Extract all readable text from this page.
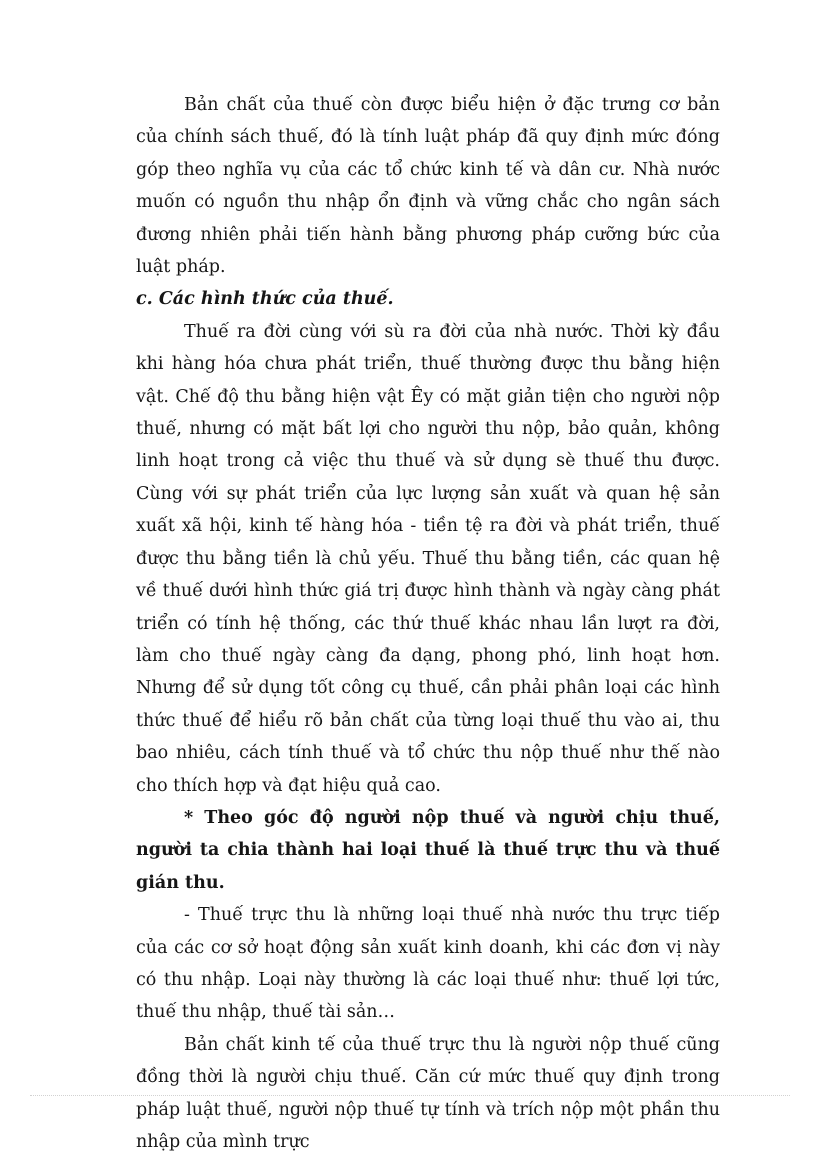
Bản chất của thuế còn được biểu hiện ở đặc trưng cơ bản của chính sách thuế, đó là tính luật pháp đã quy định mức đóng góp theo nghĩa vụ của các tổ chức kinh tế và dân cư. Nhà nước muốn có nguồn thu nhập ổn định và vững chắc cho ngân sách đương nhiên phải tiến hành bằng phương pháp cưỡng bức của luật pháp.

c. Các hình thức của thuế.

Thuế ra đời cùng với sù ra đời của nhà nước. Thời kỳ đầu khi hàng hóa chưa phát triển, thuế thường được thu bằng hiện vật. Chế độ thu bằng hiện vật Êy có mặt giản tiện cho người nộp thuế, nhưng có mặt bất lợi cho người thu nộp, bảo quản, không linh hoạt trong cả việc thu thuế và sử dụng sè thuế thu được. Cùng với sự phát triển của lực lượng sản xuất và quan hệ sản xuất xã hội, kinh tế hàng hóa - tiền tệ ra đời và phát triển, thuế được thu bằng tiền là chủ yếu. Thuế thu bằng tiền, các quan hệ về thuế dưới hình thức giá trị được hình thành và ngày càng phát triển có tính hệ thống, các thứ thuế khác nhau lần lượt ra đời, làm cho thuế ngày càng đa dạng, phong phó, linh hoạt hơn. Nhưng để sử dụng tốt công cụ thuế, cần phải phân loại các hình thức thuế để hiểu rõ bản chất của từng loại thuế thu vào ai, thu bao nhiêu, cách tính thuế và tổ chức thu nộp thuế như thế nào cho thích hợp và đạt hiệu quả cao.

* Theo góc độ người nộp thuế và người chịu thuế, người ta chia thành hai loại thuế là thuế trực thu và thuế gián thu.

- Thuế trực thu là những loại thuế nhà nước thu trực tiếp của các cơ sở hoạt động sản xuất kinh doanh, khi các đơn vị này có thu nhập. Loại này thường là các loại thuế như: thuế lợi tức, thuế thu nhập, thuế tài sản…

Bản chất kinh tế của thuế trực thu là người nộp thuế cũng đồng thời là người chịu thuế. Căn cứ mức thuế quy định trong pháp luật thuế, người nộp thuế tự tính và trích nộp một phần thu nhập của mình trực
